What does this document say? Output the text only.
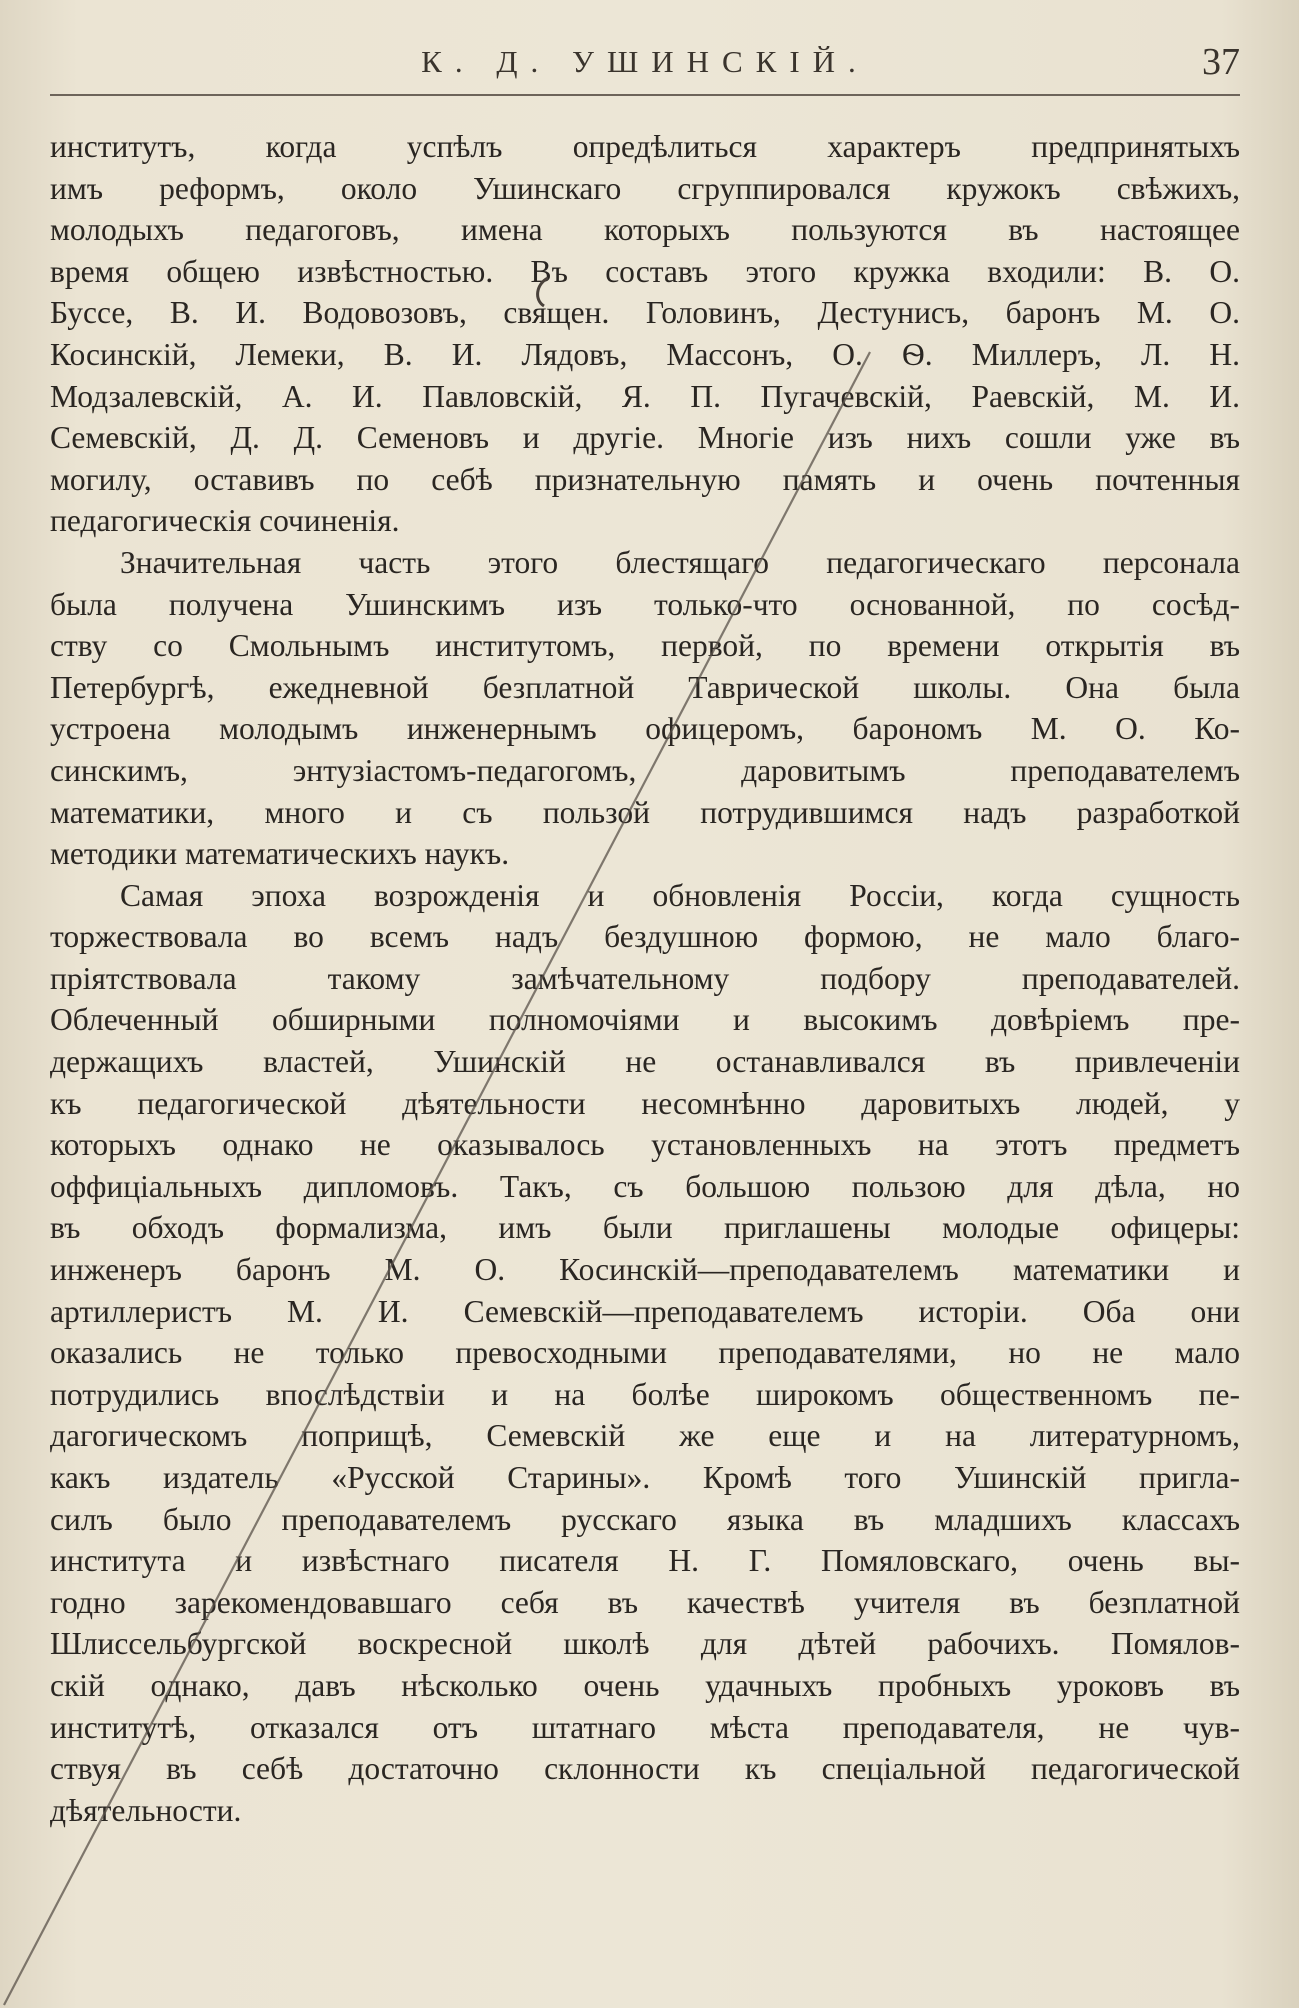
К. Д. УШИНСКІЙ.	37
институтъ, когда успѣлъ опредѣлиться характеръ предпринятыхъ
имъ реформъ, около Ушинскаго сгруппировался кружокъ свѣжихъ,
молодыхъ педагоговъ, имена которыхъ пользуются въ настоящее
время общею извѣстностью. Въ составъ этого кружка входили: В. О.
Буссе, В. И. Водовозовъ, священ. Головинъ, Дестунисъ, баронъ М. О.
Косинскій, Лемеки, В. И. Лядовъ, Массонъ, О. Ѳ. Миллеръ, Л. Н.
Модзалевскій, А. И. Павловскій, Я. П. Пугачевскій, Раевскій, М. И.
Семевскій, Д. Д. Семеновъ и другіе. Многіе изъ нихъ сошли уже въ
могилу, оставивъ по себѣ признательную память и очень почтенныя
педагогическія сочиненія.
Значительная часть этого блестящаго педагогическаго персонала
была получена Ушинскимъ изъ только-что основанной, по сосѣд-
ству со Смольнымъ институтомъ, первой, по времени открытія въ
Петербургѣ, ежедневной безплатной Таврической школы. Она была
устроена молодымъ инженернымъ офицеромъ, барономъ М. О. Ко-
синскимъ, энтузіастомъ-педагогомъ, даровитымъ преподавателемъ
математики, много и съ пользой потрудившимся надъ разработкой
методики математическихъ наукъ.
Самая эпоха возрожденія и обновленія Россіи, когда сущность
торжествовала во всемъ надъ бездушною формою, не мало благо-
пріятствовала такому замѣчательному подбору преподавателей.
Облеченный обширными полномочіями и высокимъ довѣріемъ пре-
держащихъ властей, Ушинскій не останавливался въ привлеченіи
къ педагогической дѣятельности несомнѣнно даровитыхъ людей, у
которыхъ однако не оказывалось установленныхъ на этотъ предметъ
оффиціальныхъ дипломовъ. Такъ, съ большою пользою для дѣла, но
въ обходъ формализма, имъ были приглашены молодые офицеры:
инженеръ баронъ М. О. Косинскій—преподавателемъ математики и
артиллеристъ М. И. Семевскій—преподавателемъ исторіи. Оба они
оказались не только превосходными преподавателями, но не мало
потрудились впослѣдствіи и на болѣе широкомъ общественномъ пе-
дагогическомъ поприщѣ, Семевскій же еще и на литературномъ,
какъ издатель «Русской Старины». Кромѣ того Ушинскій пригла-
силъ было преподавателемъ русскаго языка въ младшихъ классахъ
института и извѣстнаго писателя Н. Г. Помяловскаго, очень вы-
годно зарекомендовавшаго себя въ качествѣ учителя въ безплатной
Шлиссельбургской воскресной школѣ для дѣтей рабочихъ. Помялов-
скій однако, давъ нѣсколько очень удачныхъ пробныхъ уроковъ въ
институтѣ, отказался отъ штатнаго мѣста преподавателя, не чув-
ствуя въ себѣ достаточно склонности къ спеціальной педагогической
дѣятельности.
